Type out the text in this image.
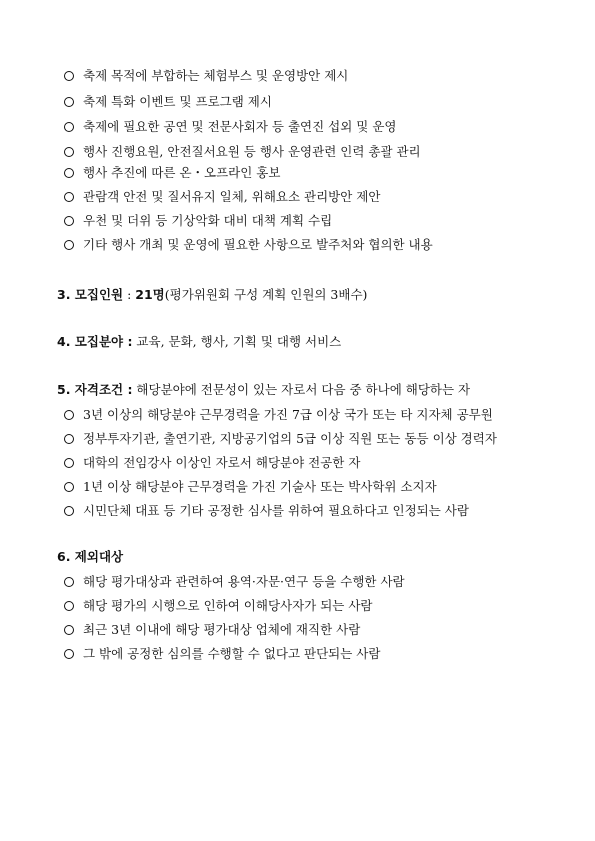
축제 목적에 부합하는 체험부스 및 운영방안 제시
축제 특화 이벤트 및 프로그램 제시
축제에 필요한 공연 및 전문사회자 등 출연진 섭외 및 운영
행사 진행요원, 안전질서요원 등 행사 운영관련 인력 총괄 관리
행사 추진에 따른 온・오프라인 홍보
관람객 안전 및 질서유지 일체, 위해요소 관리방안 제안
우천 및 더위 등 기상악화 대비 대책 계획 수립
기타 행사 개최 및 운영에 필요한 사항으로 발주처와 협의한 내용
3. 모집인원 : 21명(평가위원회 구성 계획 인원의 3배수)
4. 모집분야 : 교육, 문화, 행사, 기획 및 대행 서비스
5. 자격조건 : 해당분야에 전문성이 있는 자로서 다음 중 하나에 해당하는 자
3년 이상의 해당분야 근무경력을 가진 7급 이상 국가 또는 타 지자체 공무원
정부투자기관, 출연기관, 지방공기업의 5급 이상 직원 또는 동등 이상 경력자
대학의 전임강사 이상인 자로서 해당분야 전공한 자
1년 이상 해당분야 근무경력을 가진 기술사 또는 박사학위 소지자
시민단체 대표 등 기타 공정한 심사를 위하여 필요하다고 인정되는 사람
6. 제외대상
해당 평가대상과 관련하여 용역·자문·연구 등을 수행한 사람
해당 평가의 시행으로 인하여 이해당사자가 되는 사람
최근 3년 이내에 해당 평가대상 업체에 재직한 사람
그 밖에 공정한 심의를 수행할 수 없다고 판단되는 사람
